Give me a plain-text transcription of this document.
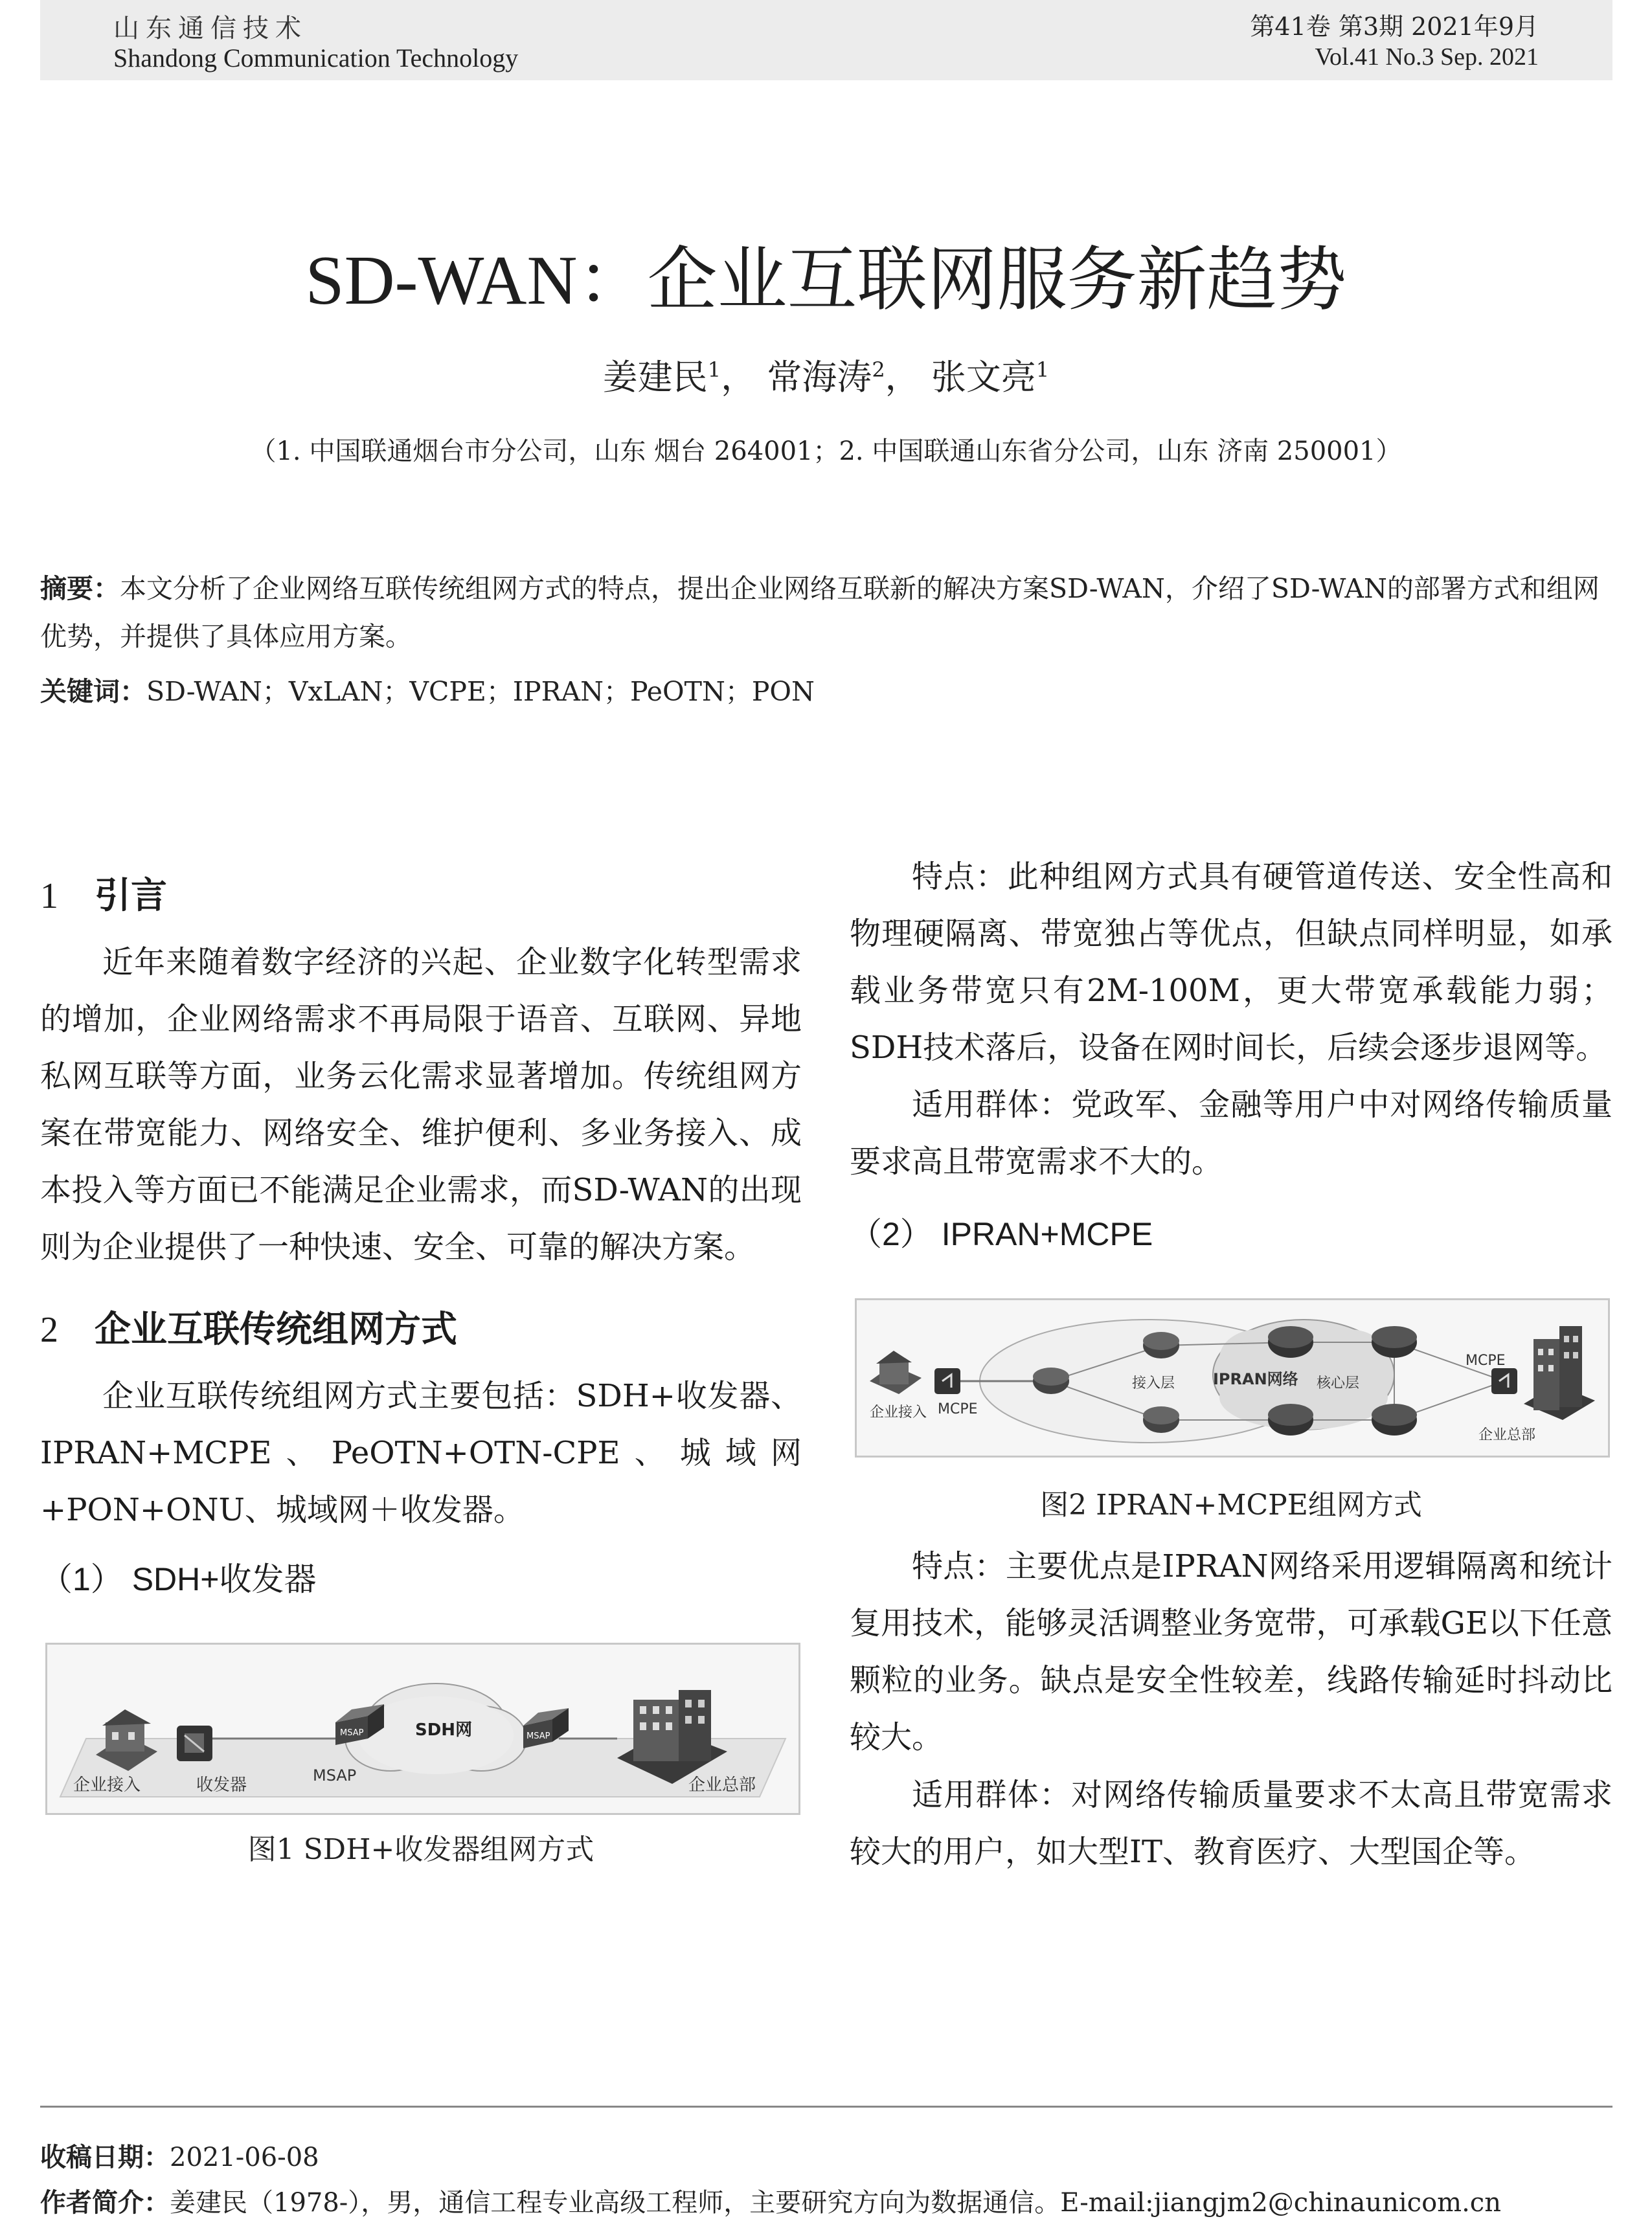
山东通信技术
Shandong Communication Technology
第41卷 第3期 2021年9月
Vol.41 No.3 Sep. 2021
SD-WAN：企业互联网服务新趋势
姜建民$^1$， 常海涛$^2$， 张文亮$^1$
（1. 中国联通烟台市分公司，山东 烟台 264001；2. 中国联通山东省分公司，山东 济南 250001）
摘要：本文分析了企业网络互联传统组网方式的特点，提出企业网络互联新的解决方案SD-WAN，介绍了SD-WAN的部署方式和组网优势，并提供了具体应用方案。
关键词：SD-WAN；VxLAN；VCPE；IPRAN；PeOTN；PON
1 引言
近年来随着数字经济的兴起、企业数字化转型需求的增加，企业网络需求不再局限于语音、互联网、异地私网互联等方面，业务云化需求显著增加。传统组网方案在带宽能力、网络安全、维护便利、多业务接入、成本投入等方面已不能满足企业需求，而SD-WAN的出现则为企业提供了一种快速、安全、可靠的解决方案。
2 企业互联传统组网方式
企业互联传统组网方式主要包括：SDH+收发器、IPRAN+MCPE、PeOTN+OTN-CPE、城域网+PON+ONU、城域网＋收发器。
（1） SDH+收发器
MSAP	MSAP
企业接入	收发器	MSAP
SDH网
企业总部
图1 SDH+收发器组网方式
特点：此种组网方式具有硬管道传送、安全性高和物理硬隔离、带宽独占等优点，但缺点同样明显，如承载业务带宽只有2M-100M，更大带宽承载能力弱；SDH技术落后，设备在网时间长，后续会逐步退网等。
适用群体：党政军、金融等用户中对网络传输质量要求高且带宽需求不大的。
（2） IPRAN+MCPE
企业接入 MCPE
接入层 IPRAN网络 核心层
MCPE
企业总部
图2 IPRAN+MCPE组网方式
特点：主要优点是IPRAN网络采用逻辑隔离和统计复用技术，能够灵活调整业务宽带，可承载GE以下任意颗粒的业务。缺点是安全性较差，线路传输延时抖动比较大。
适用群体：对网络传输质量要求不太高且带宽需求较大的用户，如大型IT、教育医疗、大型国企等。
收稿日期：2021-06-08
作者简介：姜建民（1978-），男，通信工程专业高级工程师，主要研究方向为数据通信。E-mail:jiangjm2@chinaunicom.cn
